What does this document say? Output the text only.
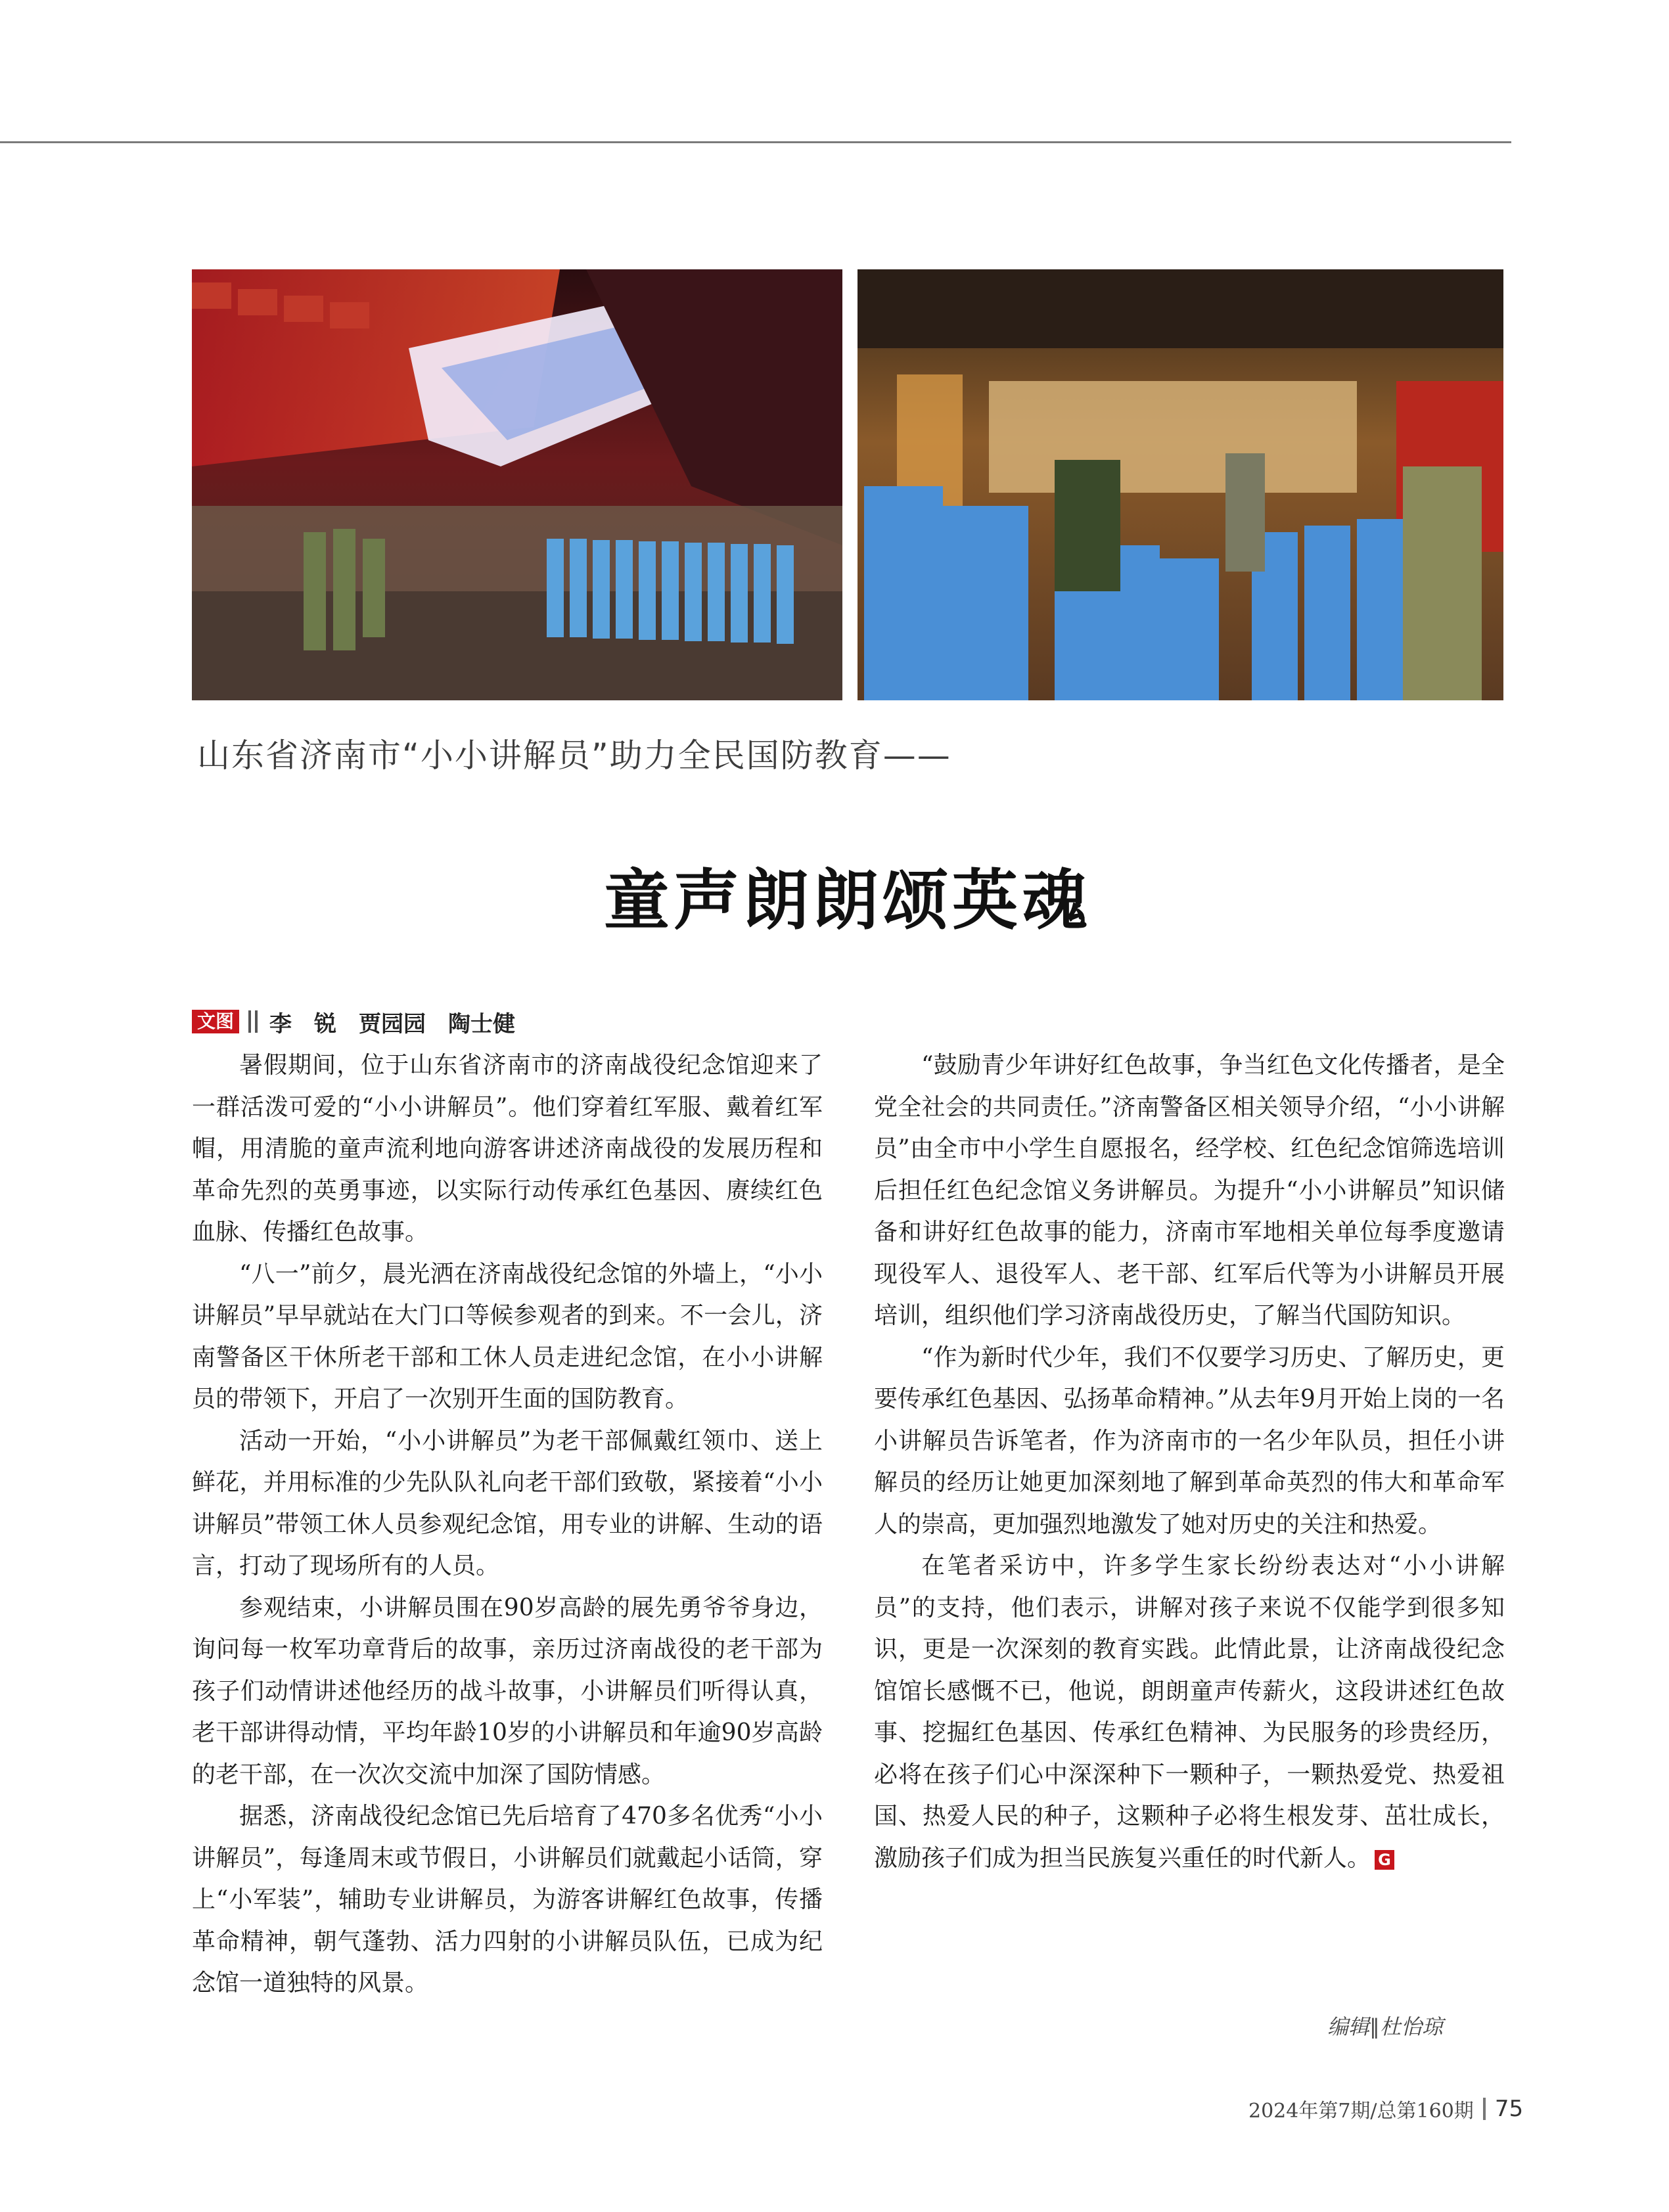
山东省济南市“小小讲解员”助力全民国防教育——
童声朗朗颂英魂
文图 李　锐　贾园园　陶士健

暑假期间，位于山东省济南市的济南战役纪念馆迎来了一群活泼可爱的“小小讲解员”。他们穿着红军服、戴着红军帽，用清脆的童声流利地向游客讲述济南战役的发展历程和革命先烈的英勇事迹，以实际行动传承红色基因、赓续红色血脉、传播红色故事。

“八一”前夕，晨光洒在济南战役纪念馆的外墙上，“小小讲解员”早早就站在大门口等候参观者的到来。不一会儿，济南警备区干休所老干部和工休人员走进纪念馆，在小小讲解员的带领下，开启了一次别开生面的国防教育。

活动一开始，“小小讲解员”为老干部佩戴红领巾、送上鲜花，并用标准的少先队队礼向老干部们致敬，紧接着“小小讲解员”带领工休人员参观纪念馆，用专业的讲解、生动的语言，打动了现场所有的人员。

参观结束，小讲解员围在90岁高龄的展先勇爷爷身边，询问每一枚军功章背后的故事，亲历过济南战役的老干部为孩子们动情讲述他经历的战斗故事，小讲解员们听得认真，老干部讲得动情，平均年龄10岁的小讲解员和年逾90岁高龄的老干部，在一次次交流中加深了国防情感。

据悉，济南战役纪念馆已先后培育了470多名优秀“小小讲解员”，每逢周末或节假日，小讲解员们就戴起小话筒，穿上“小军装”，辅助专业讲解员，为游客讲解红色故事，传播革命精神，朝气蓬勃、活力四射的小讲解员队伍，已成为纪念馆一道独特的风景。

“鼓励青少年讲好红色故事，争当红色文化传播者，是全党全社会的共同责任。”济南警备区相关领导介绍，“小小讲解员”由全市中小学生自愿报名，经学校、红色纪念馆筛选培训后担任红色纪念馆义务讲解员。为提升“小小讲解员”知识储备和讲好红色故事的能力，济南市军地相关单位每季度邀请现役军人、退役军人、老干部、红军后代等为小讲解员开展培训，组织他们学习济南战役历史，了解当代国防知识。

“作为新时代少年，我们不仅要学习历史、了解历史，更要传承红色基因、弘扬革命精神。”从去年9月开始上岗的一名小讲解员告诉笔者，作为济南市的一名少年队员，担任小讲解员的经历让她更加深刻地了解到革命英烈的伟大和革命军人的崇高，更加强烈地激发了她对历史的关注和热爱。

在笔者采访中，许多学生家长纷纷表达对“小小讲解员”的支持，他们表示，讲解对孩子来说不仅能学到很多知识，更是一次深刻的教育实践。此情此景，让济南战役纪念馆馆长感慨不已，他说，朗朗童声传薪火，这段讲述红色故事、挖掘红色基因、传承红色精神、为民服务的珍贵经历，必将在孩子们心中深深种下一颗种子，一颗热爱党、热爱祖国、热爱人民的种子，这颗种子必将生根发芽、茁壮成长，激励孩子们成为担当民族复兴重任的时代新人。 G

编辑∥杜怡琼
2024年第7期/总第160期 75
